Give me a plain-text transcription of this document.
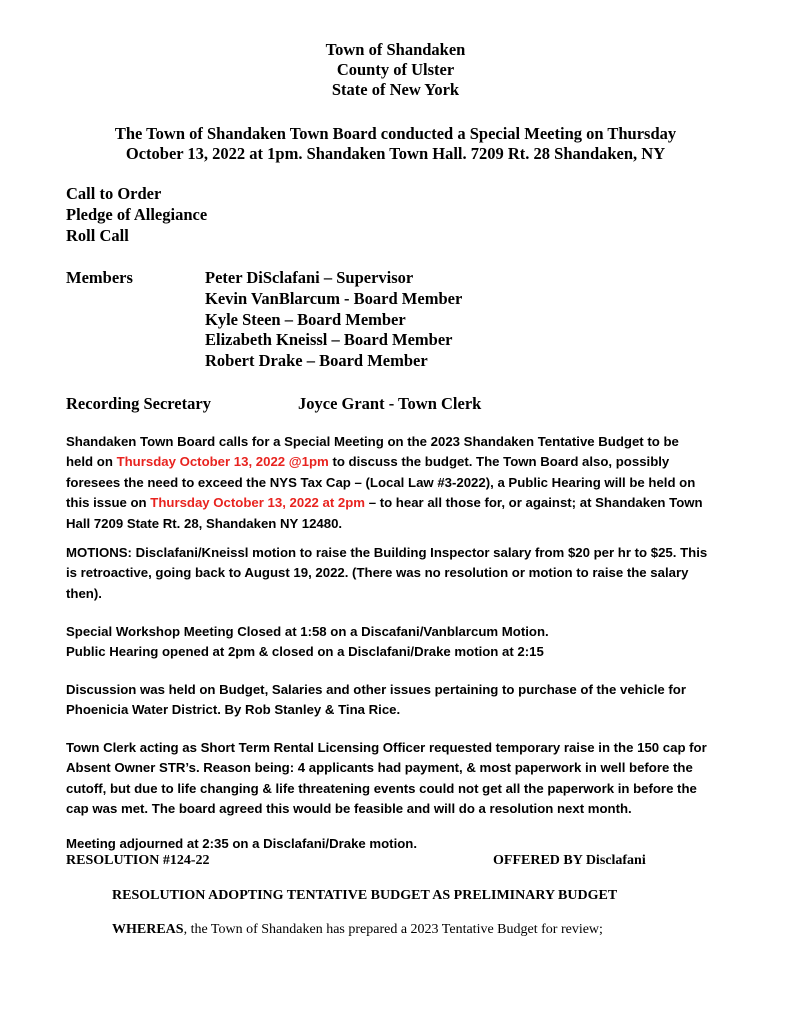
Town of Shandaken
County of Ulster
State of New York
The Town of Shandaken Town Board conducted a Special Meeting on Thursday
October 13, 2022 at 1pm. Shandaken Town Hall. 7209 Rt. 28 Shandaken, NY
Call to Order
Pledge of Allegiance
Roll Call
Members	Peter DiSclafani – Supervisor
Kevin VanBlarcum - Board Member
Kyle Steen – Board Member
Elizabeth Kneissl – Board Member
Robert Drake – Board Member
Recording Secretary	Joyce Grant - Town Clerk
Shandaken Town Board calls for a Special Meeting on the 2023 Shandaken Tentative Budget to be
held on Thursday October 13, 2022 @1pm to discuss the budget. The Town Board also, possibly
foresees the need to exceed the NYS Tax Cap – (Local Law #3-2022), a Public Hearing will be held on
this issue on Thursday October 13, 2022 at 2pm – to hear all those for, or against; at Shandaken Town
Hall 7209 State Rt. 28, Shandaken NY 12480.
MOTIONS: Disclafani/Kneissl motion to raise the Building Inspector salary from $20 per hr to $25. This
is retroactive, going back to August 19, 2022. (There was no resolution or motion to raise the salary
then).
Special Workshop Meeting Closed at 1:58 on a Discafani/Vanblarcum Motion.
Public Hearing opened at 2pm & closed on a Disclafani/Drake motion at 2:15
Discussion was held on Budget, Salaries and other issues pertaining to purchase of the vehicle for
Phoenicia Water District. By Rob Stanley & Tina Rice.
Town Clerk acting as Short Term Rental Licensing Officer requested temporary raise in the 150 cap for
Absent Owner STR’s. Reason being: 4 applicants had payment, & most paperwork in well before the
cutoff, but due to life changing & life threatening events could not get all the paperwork in before the
cap was met. The board agreed this would be feasible and will do a resolution next month.
Meeting adjourned at 2:35 on a Disclafani/Drake motion.
RESOLUTION #124-22	OFFERED BY Disclafani
RESOLUTION ADOPTING TENTATIVE BUDGET AS PRELIMINARY BUDGET
WHEREAS, the Town of Shandaken has prepared a 2023 Tentative Budget for review;
